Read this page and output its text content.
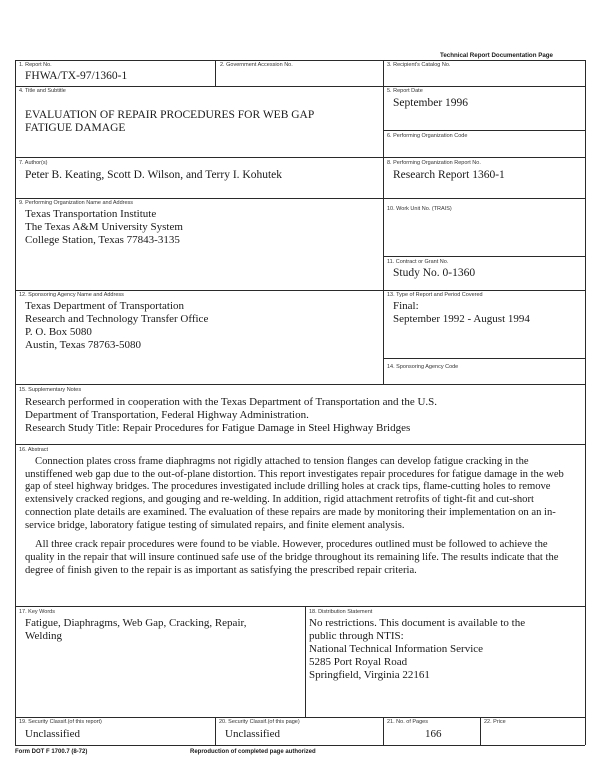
Technical Report Documentation Page
1. Report No.
FHWA/TX-97/1360-1
2. Government Accession No.	3. Recipient's Catalog No.
4. Title and Subtitle
EVALUATION OF REPAIR PROCEDURES FOR WEB GAP
FATIGUE DAMAGE
5. Report Date
September 1996
6. Performing Organization Code
7. Author(s)
Peter B. Keating, Scott D. Wilson, and Terry I. Kohutek
8. Performing Organization Report No.
Research Report 1360-1
9. Performing Organization Name and Address
Texas Transportation Institute
The Texas A&M University System
College Station, Texas 77843-3135
10. Work Unit No. (TRAIS)
11. Contract or Grant No.
Study No. 0-1360
12. Sponsoring Agency Name and Address
Texas Department of Transportation
Research and Technology Transfer Office
P. O. Box 5080
Austin, Texas 78763-5080
13. Type of Report and Period Covered
Final:
September 1992 - August 1994
14. Sponsoring Agency Code
15. Supplementary Notes
Research performed in cooperation with the Texas Department of Transportation and the U.S.
Department of Transportation, Federal Highway Administration.
Research Study Title: Repair Procedures for Fatigue Damage in Steel Highway Bridges
16. Abstract

Connection plates cross frame diaphragms not rigidly attached to tension flanges can develop fatigue cracking in the unstiffened web gap due to the out-of-plane distortion. This report investigates repair procedures for fatigue damage in the web gap of steel highway bridges. The procedures investigated include drilling holes at crack tips, flame-cutting holes to remove extensively cracked regions, and gouging and re-welding. In addition, rigid attachment retrofits of tight-fit and cut-short connection plate details are examined. The evaluation of these repairs are made by monitoring their implementation on an in-service bridge, laboratory fatigue testing of simulated repairs, and finite element analysis.

All three crack repair procedures were found to be viable. However, procedures outlined must be followed to achieve the quality in the repair that will insure continued safe use of the bridge throughout its remaining life. The results indicate that the degree of finish given to the repair is as important as satisfying the prescribed repair criteria.

17. Key Words
Fatigue, Diaphragms, Web Gap, Cracking, Repair,
Welding
18. Distribution Statement
No restrictions. This document is available to the
public through NTIS:
National Technical Information Service
5285 Port Royal Road
Springfield, Virginia 22161
19. Security Classif.(of this report)
Unclassified
20. Security Classif.(of this page)
Unclassified
21. No. of Pages
166
22. Price
Form DOT F 1700.7 (8-72)	Reproduction of completed page authorized
